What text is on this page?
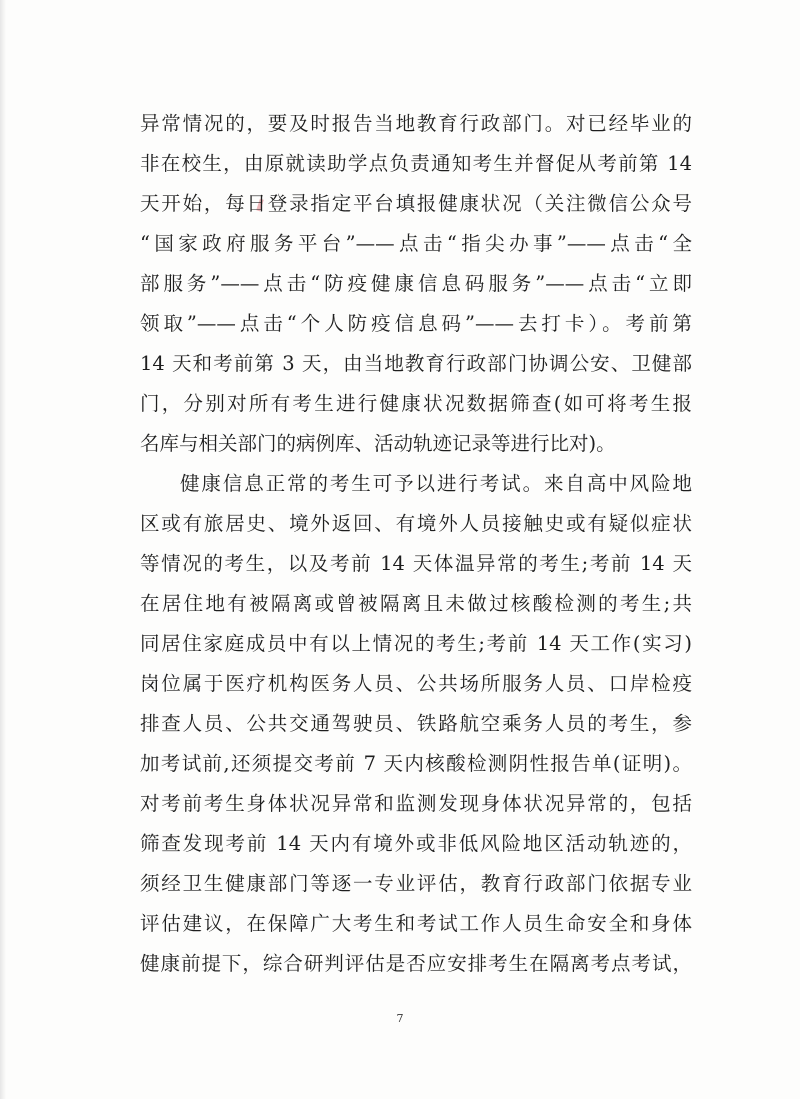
异常情况的，要及时报告当地教育行政部门。对已经毕业的
非在校生，由原就读助学点负责通知考生并督促从考前第 14
天开始，每日登录指定平台填报健康状况（关注微信公众号
“国家政府服务平台”——点击“指尖办事”——点击“全
部服务”——点击“防疫健康信息码服务”——点击“立即
领取”——点击“个人防疫信息码”——去打卡）。考前第
14 天和考前第 3 天，由当地教育行政部门协调公安、卫健部
门，分别对所有考生进行健康状况数据筛查(如可将考生报
名库与相关部门的病例库、活动轨迹记录等进行比对)。
健康信息正常的考生可予以进行考试。来自高中风险地
区或有旅居史、境外返回、有境外人员接触史或有疑似症状
等情况的考生，以及考前 14 天体温异常的考生;考前 14 天
在居住地有被隔离或曾被隔离且未做过核酸检测的考生;共
同居住家庭成员中有以上情况的考生;考前 14 天工作(实习)
岗位属于医疗机构医务人员、公共场所服务人员、口岸检疫
排查人员、公共交通驾驶员、铁路航空乘务人员的考生，参
加考试前,还须提交考前 7 天内核酸检测阴性报告单(证明)。
对考前考生身体状况异常和监测发现身体状况异常的，包括
筛查发现考前 14 天内有境外或非低风险地区活动轨迹的，
须经卫生健康部门等逐一专业评估，教育行政部门依据专业
评估建议，在保障广大考生和考试工作人员生命安全和身体
健康前提下，综合研判评估是否应安排考生在隔离考点考试，
7
